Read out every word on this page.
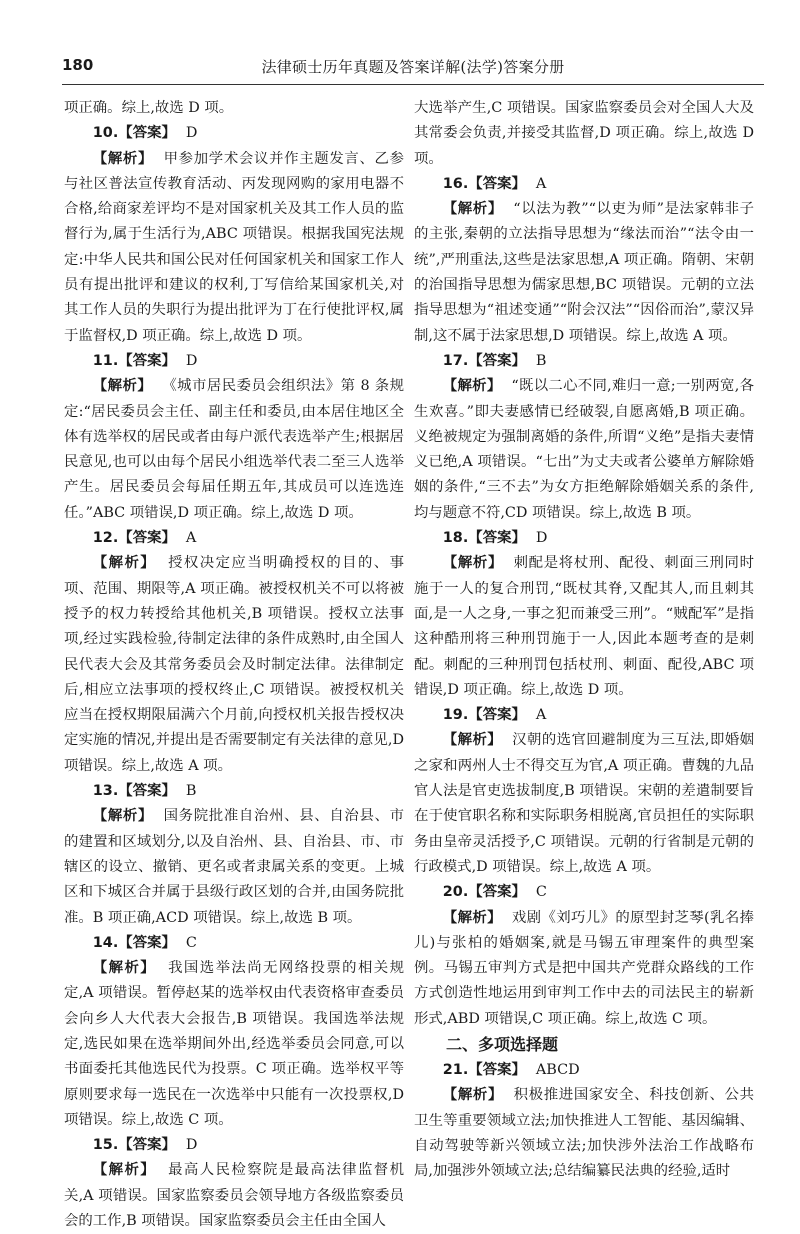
180	法律硕士历年真题及答案详解(法学)答案分册

项正确。综上,故选 D 项。

10.【答案】 D

【解析】 甲参加学术会议并作主题发言、乙参与社区普法宣传教育活动、丙发现网购的家用电器不合格,给商家差评均不是对国家机关及其工作人员的监督行为,属于生活行为,ABC 项错误。根据我国宪法规定:中华人民共和国公民对任何国家机关和国家工作人员有提出批评和建议的权利,丁写信给某国家机关,对其工作人员的失职行为提出批评为丁在行使批评权,属于监督权,D 项正确。综上,故选 D 项。

11.【答案】 D

【解析】 《城市居民委员会组织法》第 8 条规定:“居民委员会主任、副主任和委员,由本居住地区全体有选举权的居民或者由每户派代表选举产生;根据居民意见,也可以由每个居民小组选举代表二至三人选举产生。居民委员会每届任期五年,其成员可以连选连任。”ABC 项错误,D 项正确。综上,故选 D 项。

12.【答案】 A

【解析】 授权决定应当明确授权的目的、事项、范围、期限等,A 项正确。被授权机关不可以将被授予的权力转授给其他机关,B 项错误。授权立法事项,经过实践检验,待制定法律的条件成熟时,由全国人民代表大会及其常务委员会及时制定法律。法律制定后,相应立法事项的授权终止,C 项错误。被授权机关应当在授权期限届满六个月前,向授权机关报告授权决定实施的情况,并提出是否需要制定有关法律的意见,D 项错误。综上,故选 A 项。

13.【答案】 B

【解析】 国务院批准自治州、县、自治县、市的建置和区域划分,以及自治州、县、自治县、市、市辖区的设立、撤销、更名或者隶属关系的变更。上城区和下城区合并属于县级行政区划的合并,由国务院批准。B 项正确,ACD 项错误。综上,故选 B 项。

14.【答案】 C

【解析】 我国选举法尚无网络投票的相关规定,A 项错误。暂停赵某的选举权由代表资格审查委员会向乡人大代表大会报告,B 项错误。我国选举法规定,选民如果在选举期间外出,经选举委员会同意,可以书面委托其他选民代为投票。C 项正确。选举权平等原则要求每一选民在一次选举中只能有一次投票权,D 项错误。综上,故选 C 项。

15.【答案】 D

【解析】 最高人民检察院是最高法律监督机关,A 项错误。国家监察委员会领导地方各级监察委员会的工作,B 项错误。国家监察委员会主任由全国人

大选举产生,C 项错误。国家监察委员会对全国人大及其常委会负责,并接受其监督,D 项正确。综上,故选 D 项。

16.【答案】 A

【解析】 “以法为教”“以吏为师”是法家韩非子的主张,秦朝的立法指导思想为“缘法而治”“法令由一统”,严刑重法,这些是法家思想,A 项正确。隋朝、宋朝的治国指导思想为儒家思想,BC 项错误。元朝的立法指导思想为“祖述变通”“附会汉法”“因俗而治”,蒙汉异制,这不属于法家思想,D 项错误。综上,故选 A 项。

17.【答案】 B

【解析】 “既以二心不同,难归一意;一别两宽,各生欢喜。”即夫妻感情已经破裂,自愿离婚,B 项正确。义绝被规定为强制离婚的条件,所谓“义绝”是指夫妻情义已绝,A 项错误。“七出”为丈夫或者公婆单方解除婚姻的条件,“三不去”为女方拒绝解除婚姻关系的条件,均与题意不符,CD 项错误。综上,故选 B 项。

18.【答案】 D

【解析】 刺配是将杖刑、配役、刺面三刑同时施于一人的复合刑罚,“既杖其脊,又配其人,而且刺其面,是一人之身,一事之犯而兼受三刑”。“贼配军”是指这种酷刑将三种刑罚施于一人,因此本题考查的是刺配。刺配的三种刑罚包括杖刑、刺面、配役,ABC 项错误,D 项正确。综上,故选 D 项。

19.【答案】 A

【解析】 汉朝的选官回避制度为三互法,即婚姻之家和两州人士不得交互为官,A 项正确。曹魏的九品官人法是官吏选拔制度,B 项错误。宋朝的差遣制要旨在于使官职名称和实际职务相脱离,官员担任的实际职务由皇帝灵活授予,C 项错误。元朝的行省制是元朝的行政模式,D 项错误。综上,故选 A 项。

20.【答案】 C

【解析】 戏剧《刘巧儿》的原型封芝琴(乳名捧儿)与张柏的婚姻案,就是马锡五审理案件的典型案例。马锡五审判方式是把中国共产党群众路线的工作方式创造性地运用到审判工作中去的司法民主的崭新形式,ABD 项错误,C 项正确。综上,故选 C 项。

二、多项选择题

21.【答案】 ABCD

【解析】 积极推进国家安全、科技创新、公共卫生等重要领域立法;加快推进人工智能、基因编辑、自动驾驶等新兴领域立法;加快涉外法治工作战略布局,加强涉外领域立法;总结编纂民法典的经验,适时
